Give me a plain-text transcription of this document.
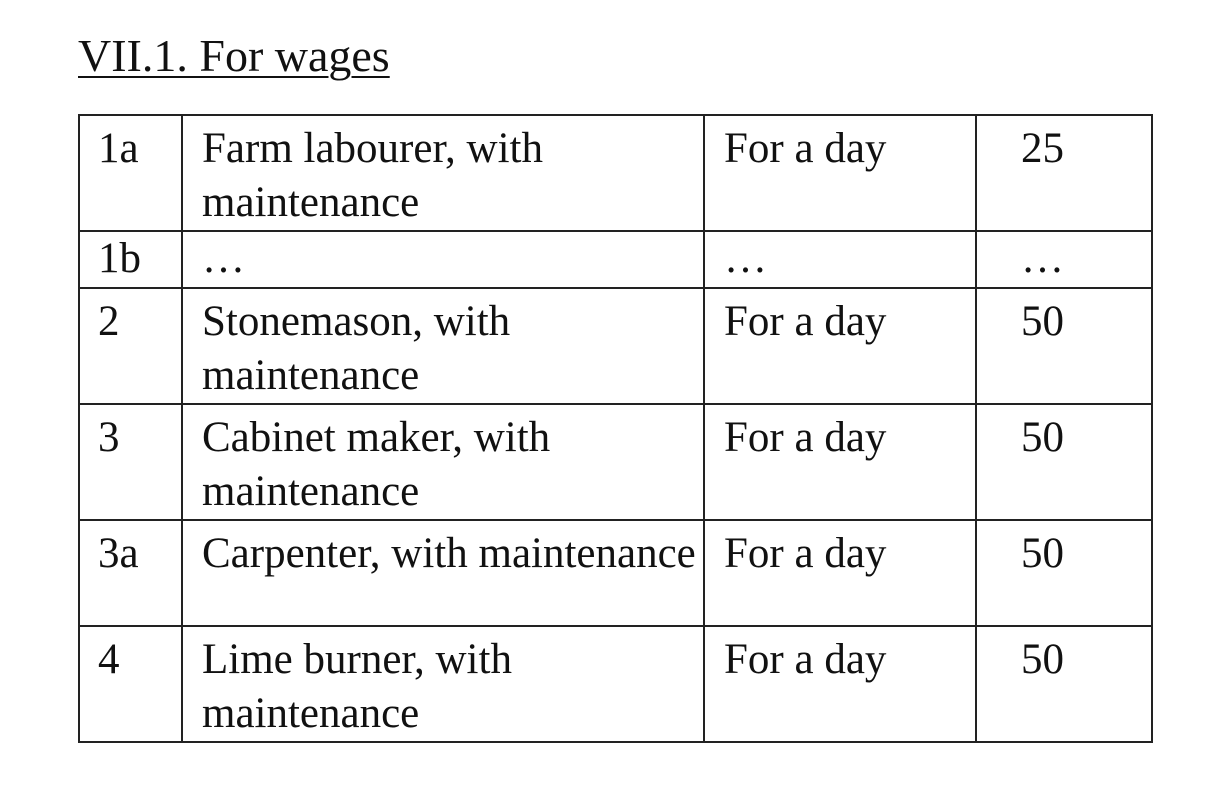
VII.1. For wages
1a	Farm labourer, with maintenance	For a day	25
1b	…	…	…
2	Stonemason, with maintenance	For a day	50
3	Cabinet maker, with maintenance	For a day	50
3a	Carpenter, with maintenance	For a day	50
4	Lime burner, with maintenance	For a day	50
